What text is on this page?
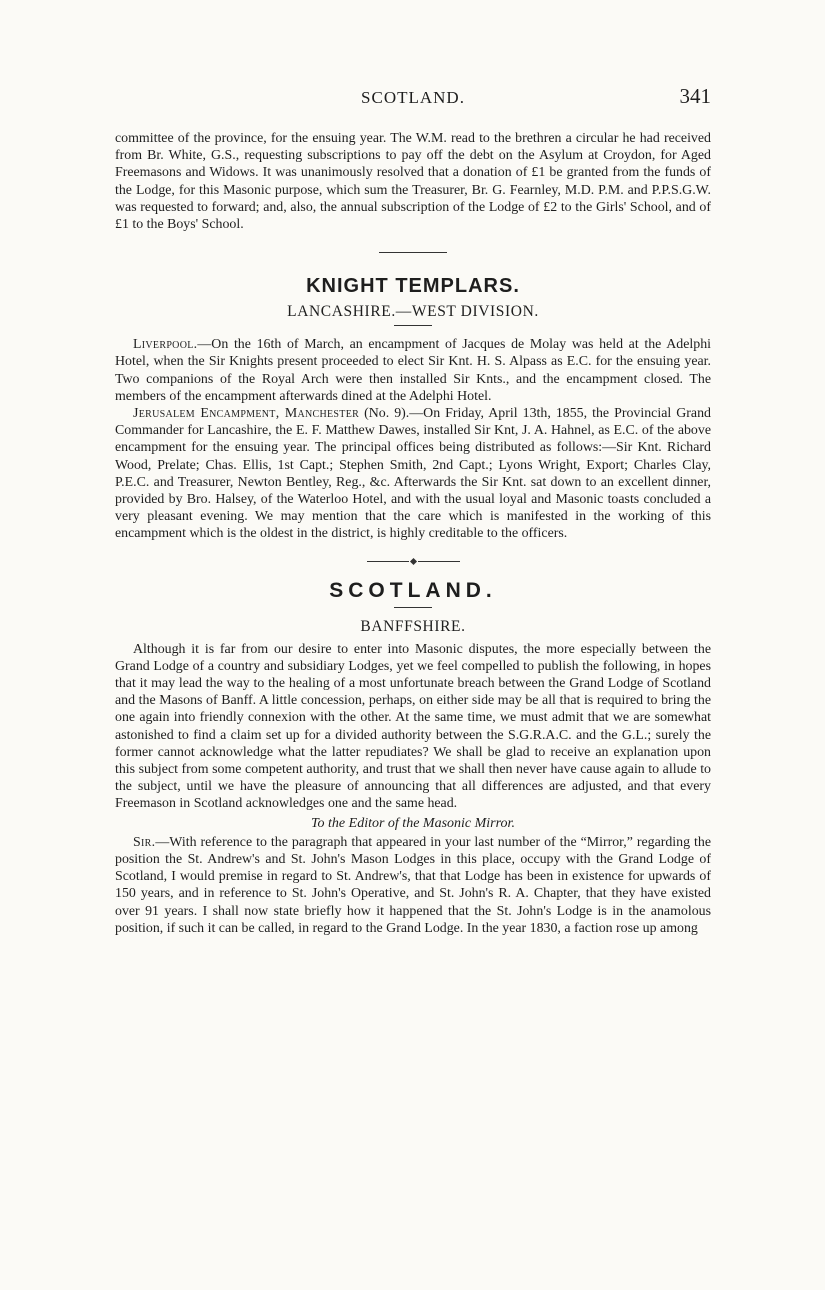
SCOTLAND.	341

committee of the province, for the ensuing year. The W.M. read to the brethren a circular he had received from Br. White, G.S., requesting subscriptions to pay off the debt on the Asylum at Croydon, for Aged Freemasons and Widows. It was unanimously resolved that a donation of £1 be granted from the funds of the Lodge, for this Masonic purpose, which sum the Treasurer, Br. G. Fearnley, M.D. P.M. and P.P.S.G.W. was requested to forward; and, also, the annual subscription of the Lodge of £2 to the Girls' School, and of £1 to the Boys' School.

KNIGHT TEMPLARS.
LANCASHIRE.—WEST DIVISION.

Liverpool.—On the 16th of March, an encampment of Jacques de Molay was held at the Adelphi Hotel, when the Sir Knights present proceeded to elect Sir Knt. H. S. Alpass as E.C. for the ensuing year. Two companions of the Royal Arch were then installed Sir Knts., and the encampment closed. The members of the encampment afterwards dined at the Adelphi Hotel.

Jerusalem Encampment, Manchester (No. 9).—On Friday, April 13th, 1855, the Provincial Grand Commander for Lancashire, the E. F. Matthew Dawes, installed Sir Knt, J. A. Hahnel, as E.C. of the above encampment for the ensuing year. The principal offices being distributed as follows:—Sir Knt. Richard Wood, Prelate; Chas. Ellis, 1st Capt.; Stephen Smith, 2nd Capt.; Lyons Wright, Export; Charles Clay, P.E.C. and Treasurer, Newton Bentley, Reg., &c. Afterwards the Sir Knt. sat down to an excellent dinner, provided by Bro. Halsey, of the Waterloo Hotel, and with the usual loyal and Masonic toasts concluded a very pleasant evening. We may mention that the care which is manifested in the working of this encampment which is the oldest in the district, is highly creditable to the officers.

SCOTLAND.
BANFFSHIRE.

Although it is far from our desire to enter into Masonic disputes, the more especially between the Grand Lodge of a country and subsidiary Lodges, yet we feel compelled to publish the following, in hopes that it may lead the way to the healing of a most unfortunate breach between the Grand Lodge of Scotland and the Masons of Banff. A little concession, perhaps, on either side may be all that is required to bring the one again into friendly connexion with the other. At the same time, we must admit that we are somewhat astonished to find a claim set up for a divided authority between the S.G.R.A.C. and the G.L.; surely the former cannot acknowledge what the latter repudiates? We shall be glad to receive an explanation upon this subject from some competent authority, and trust that we shall then never have cause again to allude to the subject, until we have the pleasure of announcing that all differences are adjusted, and that every Freemason in Scotland acknowledges one and the same head.

To the Editor of the Masonic Mirror.

Sir.—With reference to the paragraph that appeared in your last number of the “Mirror,” regarding the position the St. Andrew's and St. John's Mason Lodges in this place, occupy with the Grand Lodge of Scotland, I would premise in regard to St. Andrew's, that that Lodge has been in existence for upwards of 150 years, and in reference to St. John's Operative, and St. John's R. A. Chapter, that they have existed over 91 years. I shall now state briefly how it happened that the St. John's Lodge is in the anamolous position, if such it can be called, in regard to the Grand Lodge. In the year 1830, a faction rose up among
